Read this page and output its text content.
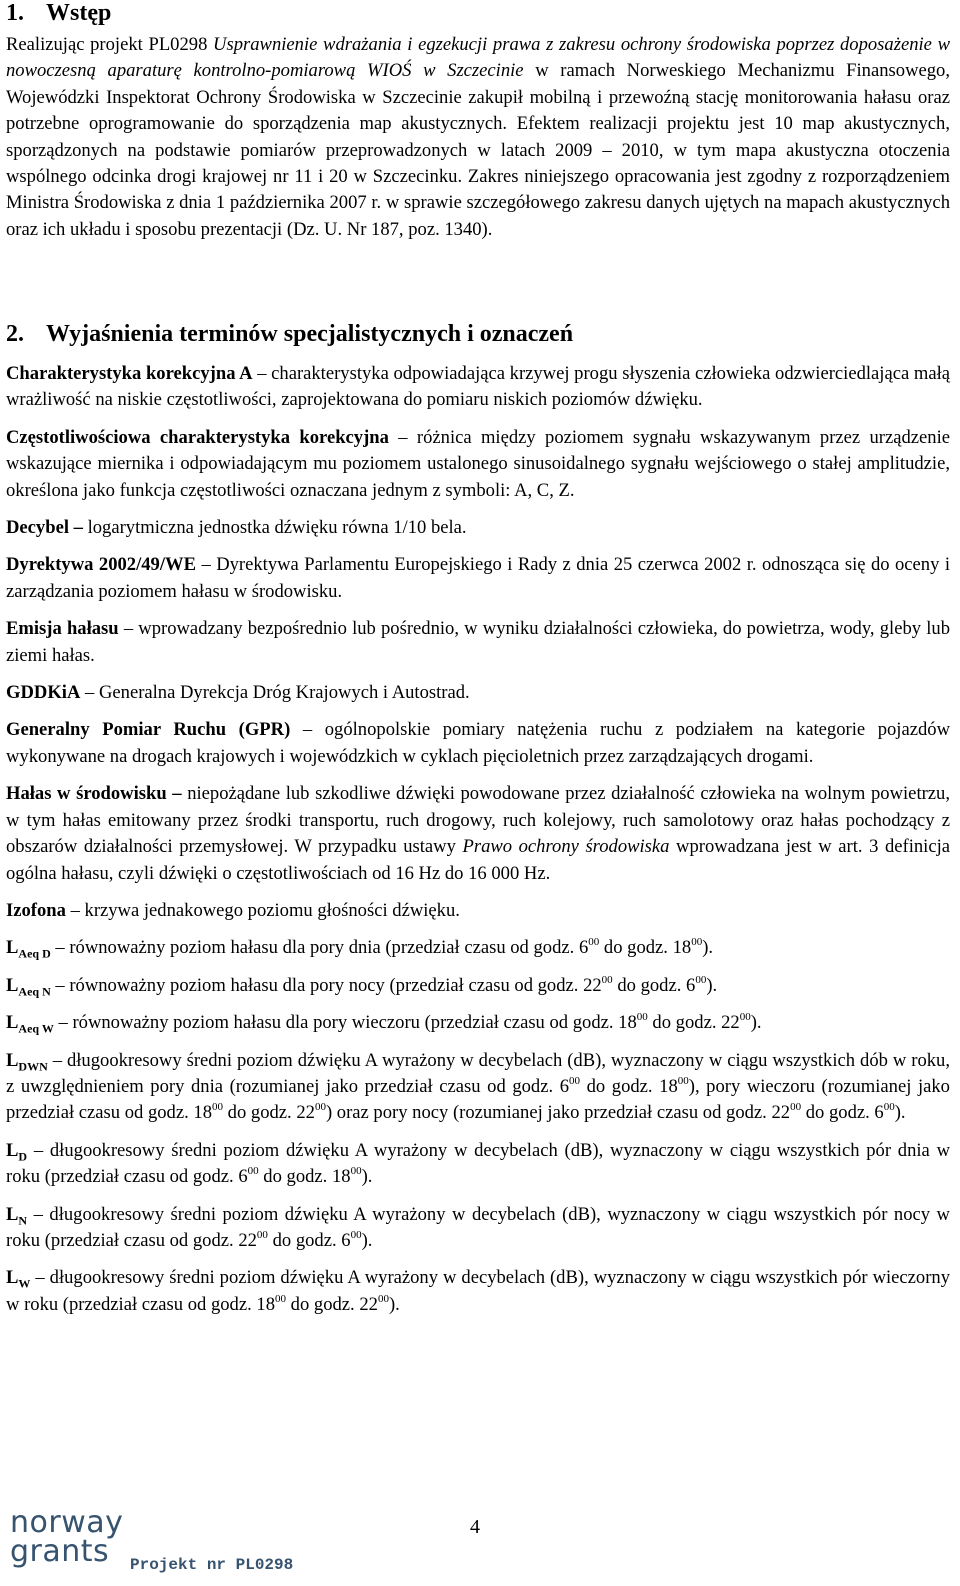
1. Wstęp

Realizując projekt PL0298 Usprawnienie wdrażania i egzekucji prawa z zakresu ochrony środowiska poprzez doposażenie w nowoczesną aparaturę kontrolno-pomiarową WIOŚ w Szczecinie w ramach Norweskiego Mechanizmu Finansowego, Wojewódzki Inspektorat Ochrony Środowiska w Szczecinie zakupił mobilną i przewoźną stację monitorowania hałasu oraz potrzebne oprogramowanie do sporządzenia map akustycznych. Efektem realizacji projektu jest 10 map akustycznych, sporządzonych na podstawie pomiarów przeprowadzonych w latach 2009 – 2010, w tym mapa akustyczna otoczenia wspólnego odcinka drogi krajowej nr 11 i 20 w Szczecinku. Zakres niniejszego opracowania jest zgodny z rozporządzeniem Ministra Środowiska z dnia 1 października 2007 r. w sprawie szczegółowego zakresu danych ujętych na mapach akustycznych oraz ich układu i sposobu prezentacji (Dz. U. Nr 187, poz. 1340).

2. Wyjaśnienia terminów specjalistycznych i oznaczeń

Charakterystyka korekcyjna A – charakterystyka odpowiadająca krzywej progu słyszenia człowieka odzwierciedlająca małą wrażliwość na niskie częstotliwości, zaprojektowana do pomiaru niskich poziomów dźwięku.

Częstotliwościowa charakterystyka korekcyjna – różnica między poziomem sygnału wskazywanym przez urządzenie wskazujące miernika i odpowiadającym mu poziomem ustalonego sinusoidalnego sygnału wejściowego o stałej amplitudzie, określona jako funkcja częstotliwości oznaczana jednym z symboli: A, C, Z.

Decybel – logarytmiczna jednostka dźwięku równa 1/10 bela.

Dyrektywa 2002/49/WE – Dyrektywa Parlamentu Europejskiego i Rady z dnia 25 czerwca 2002 r. odnosząca się do oceny i zarządzania poziomem hałasu w środowisku.

Emisja hałasu – wprowadzany bezpośrednio lub pośrednio, w wyniku działalności człowieka, do powietrza, wody, gleby lub ziemi hałas.

GDDKiA – Generalna Dyrekcja Dróg Krajowych i Autostrad.

Generalny Pomiar Ruchu (GPR) – ogólnopolskie pomiary natężenia ruchu z podziałem na kategorie pojazdów wykonywane na drogach krajowych i wojewódzkich w cyklach pięcioletnich przez zarządzających drogami.

Hałas w środowisku – niepożądane lub szkodliwe dźwięki powodowane przez działalność człowieka na wolnym powietrzu, w tym hałas emitowany przez środki transportu, ruch drogowy, ruch kolejowy, ruch samolotowy oraz hałas pochodzący z obszarów działalności przemysłowej. W przypadku ustawy Prawo ochrony środowiska wprowadzana jest w art. 3 definicja ogólna hałasu, czyli dźwięki o częstotliwościach od 16 Hz do 16 000 Hz.

Izofona – krzywa jednakowego poziomu głośności dźwięku.

$L_{Aeq D}$ – równoważny poziom hałasu dla pory dnia (przedział czasu od godz. $6^{00}$ do godz. $18^{00}$).

$L_{Aeq N}$ – równoważny poziom hałasu dla pory nocy (przedział czasu od godz. $22^{00}$ do godz. $6^{00}$).

$L_{Aeq W}$ – równoważny poziom hałasu dla pory wieczoru (przedział czasu od godz. $18^{00}$ do godz. $22^{00}$).

$L_{DWN}$ – długookresowy średni poziom dźwięku A wyrażony w decybelach (dB), wyznaczony w ciągu wszystkich dób w roku, z uwzględnieniem pory dnia (rozumianej jako przedział czasu od godz. $6^{00}$ do godz. $18^{00}$), pory wieczoru (rozumianej jako przedział czasu od godz. $18^{00}$ do godz. $22^{00}$) oraz pory nocy (rozumianej jako przedział czasu od godz. $22^{00}$ do godz. $6^{00}$).

$L_D$ – długookresowy średni poziom dźwięku A wyrażony w decybelach (dB), wyznaczony w ciągu wszystkich pór dnia w roku (przedział czasu od godz. $6^{00}$ do godz. $18^{00}$).

$L_N$ – długookresowy średni poziom dźwięku A wyrażony w decybelach (dB), wyznaczony w ciągu wszystkich pór nocy w roku (przedział czasu od godz. $22^{00}$ do godz. $6^{00}$).

$L_W$ – długookresowy średni poziom dźwięku A wyrażony w decybelach (dB), wyznaczony w ciągu wszystkich pór wieczorny w roku (przedział czasu od godz. $18^{00}$ do godz. $22^{00}$).

norway
grants	Projekt nr PL0298
4
